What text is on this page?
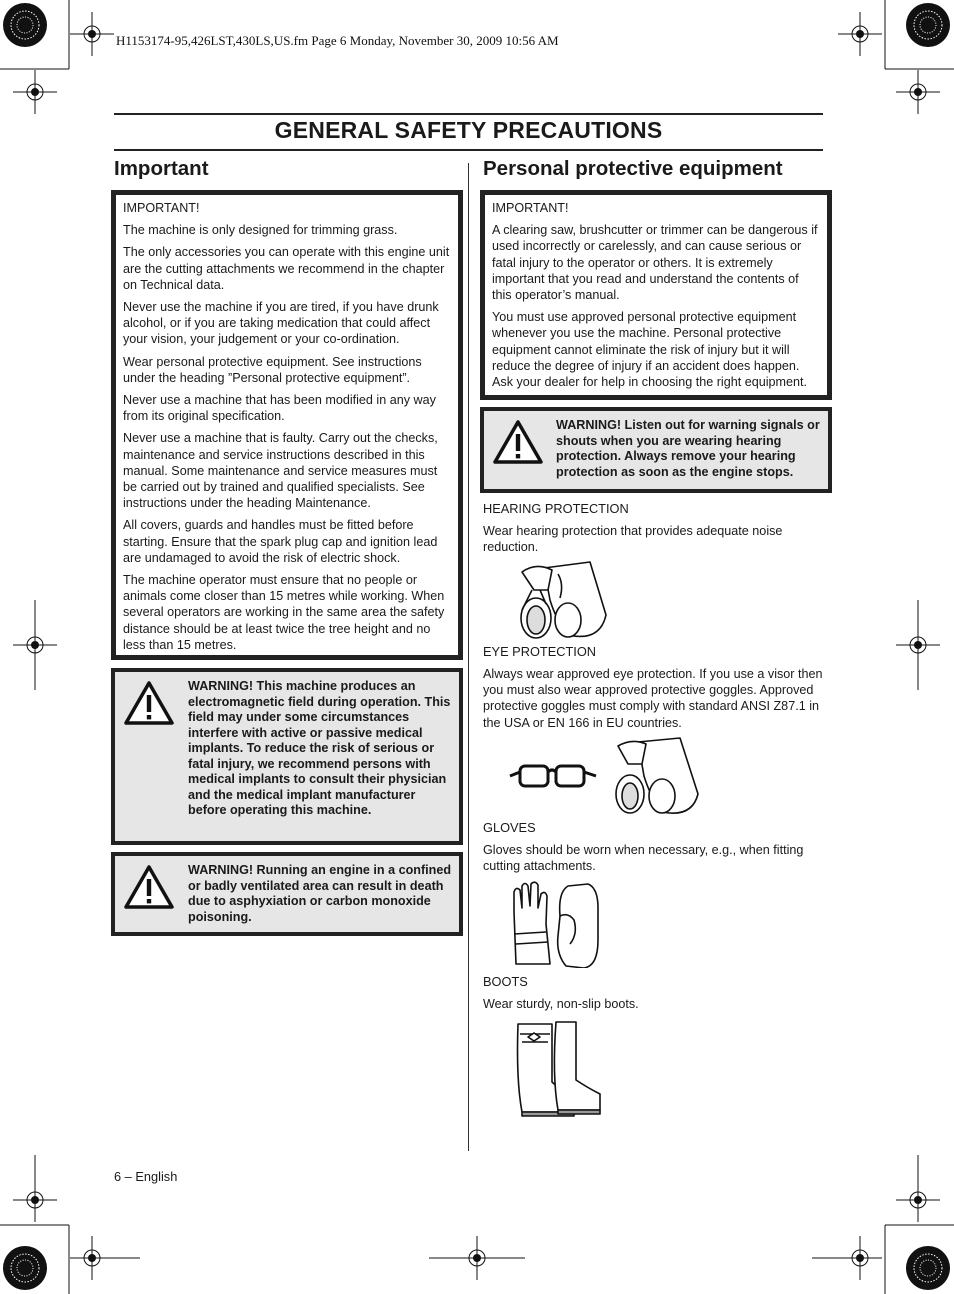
H1153174-95,426LST,430LS,US.fm Page 6 Monday, November 30, 2009 10:56 AM
GENERAL SAFETY PRECAUTIONS
Important

IMPORTANT!

The machine is only designed for trimming grass.

The only accessories you can operate with this engine unit are the cutting attachments we recommend in the chapter on Technical data.

Never use the machine if you are tired, if you have drunk alcohol, or if you are taking medication that could affect your vision, your judgement or your co-ordination.

Wear personal protective equipment. See instructions under the heading ”Personal protective equipment”.

Never use a machine that has been modified in any way from its original specification.

Never use a machine that is faulty. Carry out the checks, maintenance and service instructions described in this manual. Some maintenance and service measures must be carried out by trained and qualified specialists. See instructions under the heading Maintenance.

All covers, guards and handles must be fitted before starting. Ensure that the spark plug cap and ignition lead are undamaged to avoid the risk of electric shock.

The machine operator must ensure that no people or animals come closer than 15 metres while working. When several operators are working in the same area the safety distance should be at least twice the tree height and no less than 15 metres.

WARNING! This machine produces an electromagnetic field during operation. This field may under some circumstances interfere with active or passive medical implants. To reduce the risk of serious or fatal injury, we recommend persons with medical implants to consult their physician and the medical implant manufacturer before operating this machine.
WARNING! Running an engine in a confined or badly ventilated area can result in death due to asphyxiation or carbon monoxide poisoning.
Personal protective equipment

IMPORTANT!

A clearing saw, brushcutter or trimmer can be dangerous if used incorrectly or carelessly, and can cause serious or fatal injury to the operator or others. It is extremely important that you read and understand the contents of this operator’s manual.

You must use approved personal protective equipment whenever you use the machine. Personal protective equipment cannot eliminate the risk of injury but it will reduce the degree of injury if an accident does happen. Ask your dealer for help in choosing the right equipment.

WARNING! Listen out for warning signals or shouts when you are wearing hearing protection. Always remove your hearing protection as soon as the engine stops.
HEARING PROTECTION
Wear hearing protection that provides adequate noise reduction.
EYE PROTECTION
Always wear approved eye protection. If you use a visor then you must also wear approved protective goggles. Approved protective goggles must comply with standard ANSI Z87.1 in the USA or EN 166 in EU countries.
GLOVES
Gloves should be worn when necessary, e.g., when fitting cutting attachments.
BOOTS
Wear sturdy, non-slip boots.
6 – English
